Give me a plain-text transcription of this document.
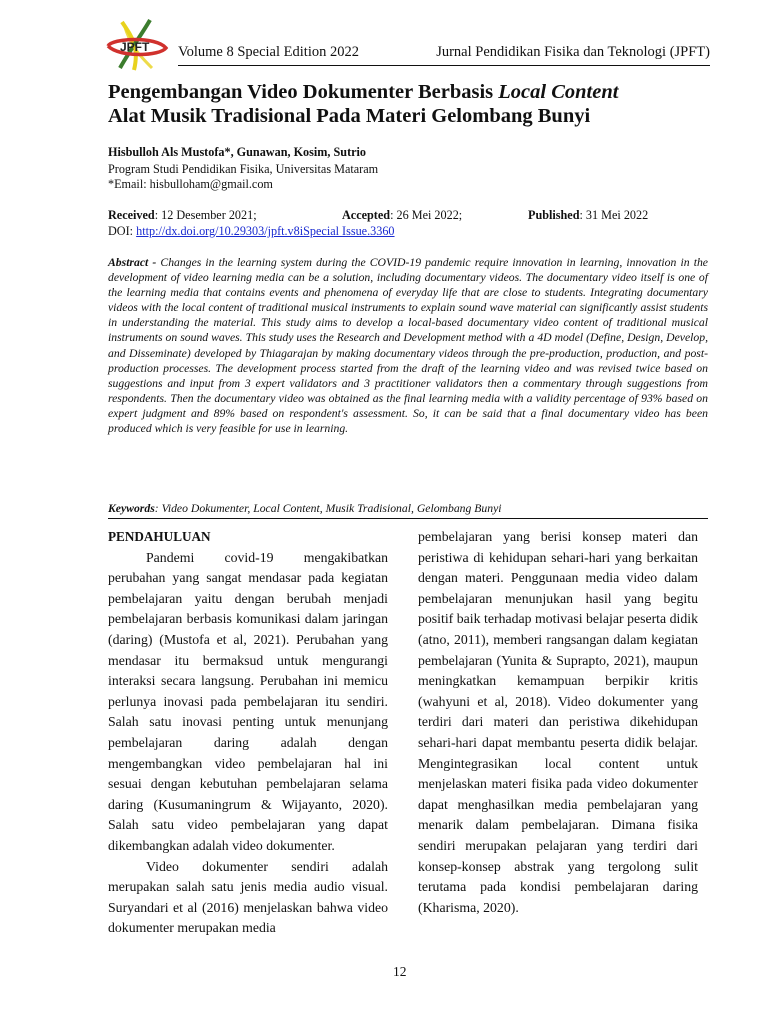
JPFT Volume 8 Special Edition 2022	Jurnal Pendidikan Fisika dan Teknologi (JPFT)
Pengembangan Video Dokumenter Berbasis Local Content
Alat Musik Tradisional Pada Materi Gelombang Bunyi
Hisbulloh Als Mustofa*, Gunawan, Kosim, Sutrio
Program Studi Pendidikan Fisika, Universitas Mataram
*Email: hisbulloham@gmail.com
Received: 12 Desember 2021;	Accepted: 26 Mei 2022;	Published: 31 Mei 2022
DOI: http://dx.doi.org/10.29303/jpft.v8iSpecial Issue.3360
Abstract - Changes in the learning system during the COVID-19 pandemic require innovation in learning, innovation in the development of video learning media can be a solution, including documentary videos. The documentary video itself is one of the learning media that contains events and phenomena of everyday life that are close to students. Integrating documentary videos with the local content of traditional musical instruments to explain sound wave material can significantly assist students in understanding the material. This study aims to develop a local-based documentary video content of traditional musical instruments on sound waves. This study uses the Research and Development method with a 4D model (Define, Design, Develop, and Disseminate) developed by Thiagarajan by making documentary videos through the pre-production, production, and post-production processes. The development process started from the draft of the learning video and was revised twice based on suggestions and input from 3 expert validators and 3 practitioner validators then a commentary through suggestions from respondents. Then the documentary video was obtained as the final learning media with a validity percentage of 93% based on expert judgment and 89% based on respondent's assessment. So, it can be said that a final documentary video has been produced which is very feasible for use in learning.
Keywords: Video Dokumenter, Local Content, Musik Tradisional, Gelombang Bunyi

PENDAHULUAN

Pandemi covid-19 mengakibatkan perubahan yang sangat mendasar pada kegiatan pembelajaran yaitu dengan berubah menjadi pembelajaran berbasis komunikasi dalam jaringan (daring) (Mustofa et al, 2021). Perubahan yang mendasar itu bermaksud untuk mengurangi interaksi secara langsung. Perubahan ini memicu perlunya inovasi pada pembelajaran itu sendiri. Salah satu inovasi penting untuk menunjang pembelajaran daring adalah dengan mengembangkan video pembelajaran hal ini sesuai dengan kebutuhan pembelajaran selama daring (Kusumaningrum & Wijayanto, 2020). Salah satu video pembelajaran yang dapat dikembangkan adalah video dokumenter.

Video dokumenter sendiri adalah merupakan salah satu jenis media audio visual. Suryandari et al (2016) menjelaskan bahwa video dokumenter merupakan media

pembelajaran yang berisi konsep materi dan peristiwa di kehidupan sehari-hari yang berkaitan dengan materi. Penggunaan media video dalam pembelajaran menunjukan hasil yang begitu positif baik terhadap motivasi belajar peserta didik (atno, 2011), memberi rangsangan dalam kegiatan pembelajaran (Yunita & Suprapto, 2021), maupun meningkatkan kemampuan berpikir kritis (wahyuni et al, 2018). Video dokumenter yang terdiri dari materi dan peristiwa dikehidupan sehari-hari dapat membantu peserta didik belajar. Mengintegrasikan local content untuk menjelaskan materi fisika pada video dokumenter dapat menghasilkan media pembelajaran yang menarik dalam pembelajaran. Dimana fisika sendiri merupakan pelajaran yang terdiri dari konsep-konsep abstrak yang tergolong sulit terutama pada kondisi pembelajaran daring (Kharisma, 2020).

12
